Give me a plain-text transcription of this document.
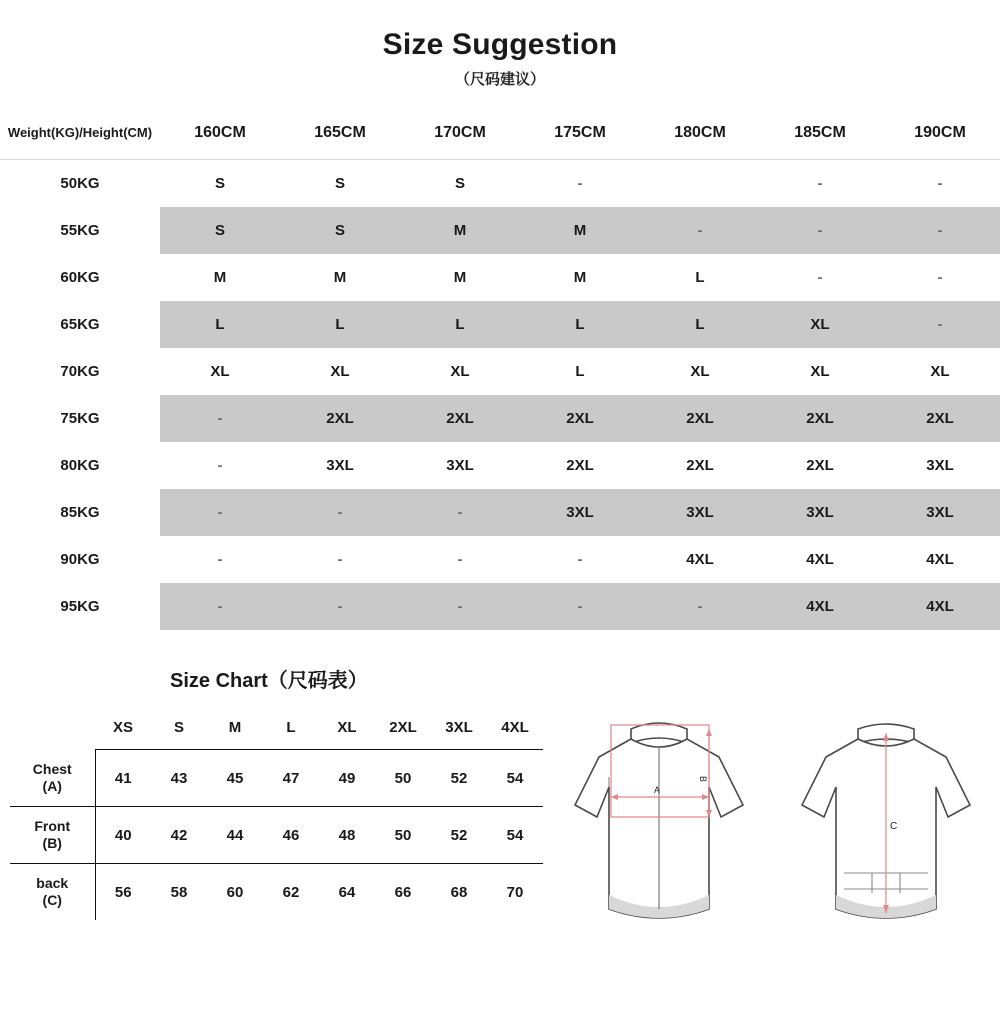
Size Suggestion
（尺码建议）
Weight(KG)/Height(CM)	160CM	165CM	170CM	175CM	180CM	185CM	190CM
50KG	S	S	S	-		-	-
55KG	S	S	M	M	-	-	-
60KG	M	M	M	M	L	-	-
65KG	L	L	L	L	L	XL	-
70KG	XL	XL	XL	L	XL	XL	XL
75KG	-	2XL	2XL	2XL	2XL	2XL	2XL
80KG	-	3XL	3XL	2XL	2XL	2XL	3XL
85KG	-	-	-	3XL	3XL	3XL	3XL
90KG	-	-	-	-	4XL	4XL	4XL
95KG	-	-	-	-	-	4XL	4XL
Size Chart（尺码表）
	XS	S	M	L	XL	2XL	3XL	4XL
Chest
(A)	41	43	45	47	49	50	52	54
Front
(B)	40	42	44	46	48	50	52	54
back
(C)	56	58	60	62	64	66	68	70
A
B
C
